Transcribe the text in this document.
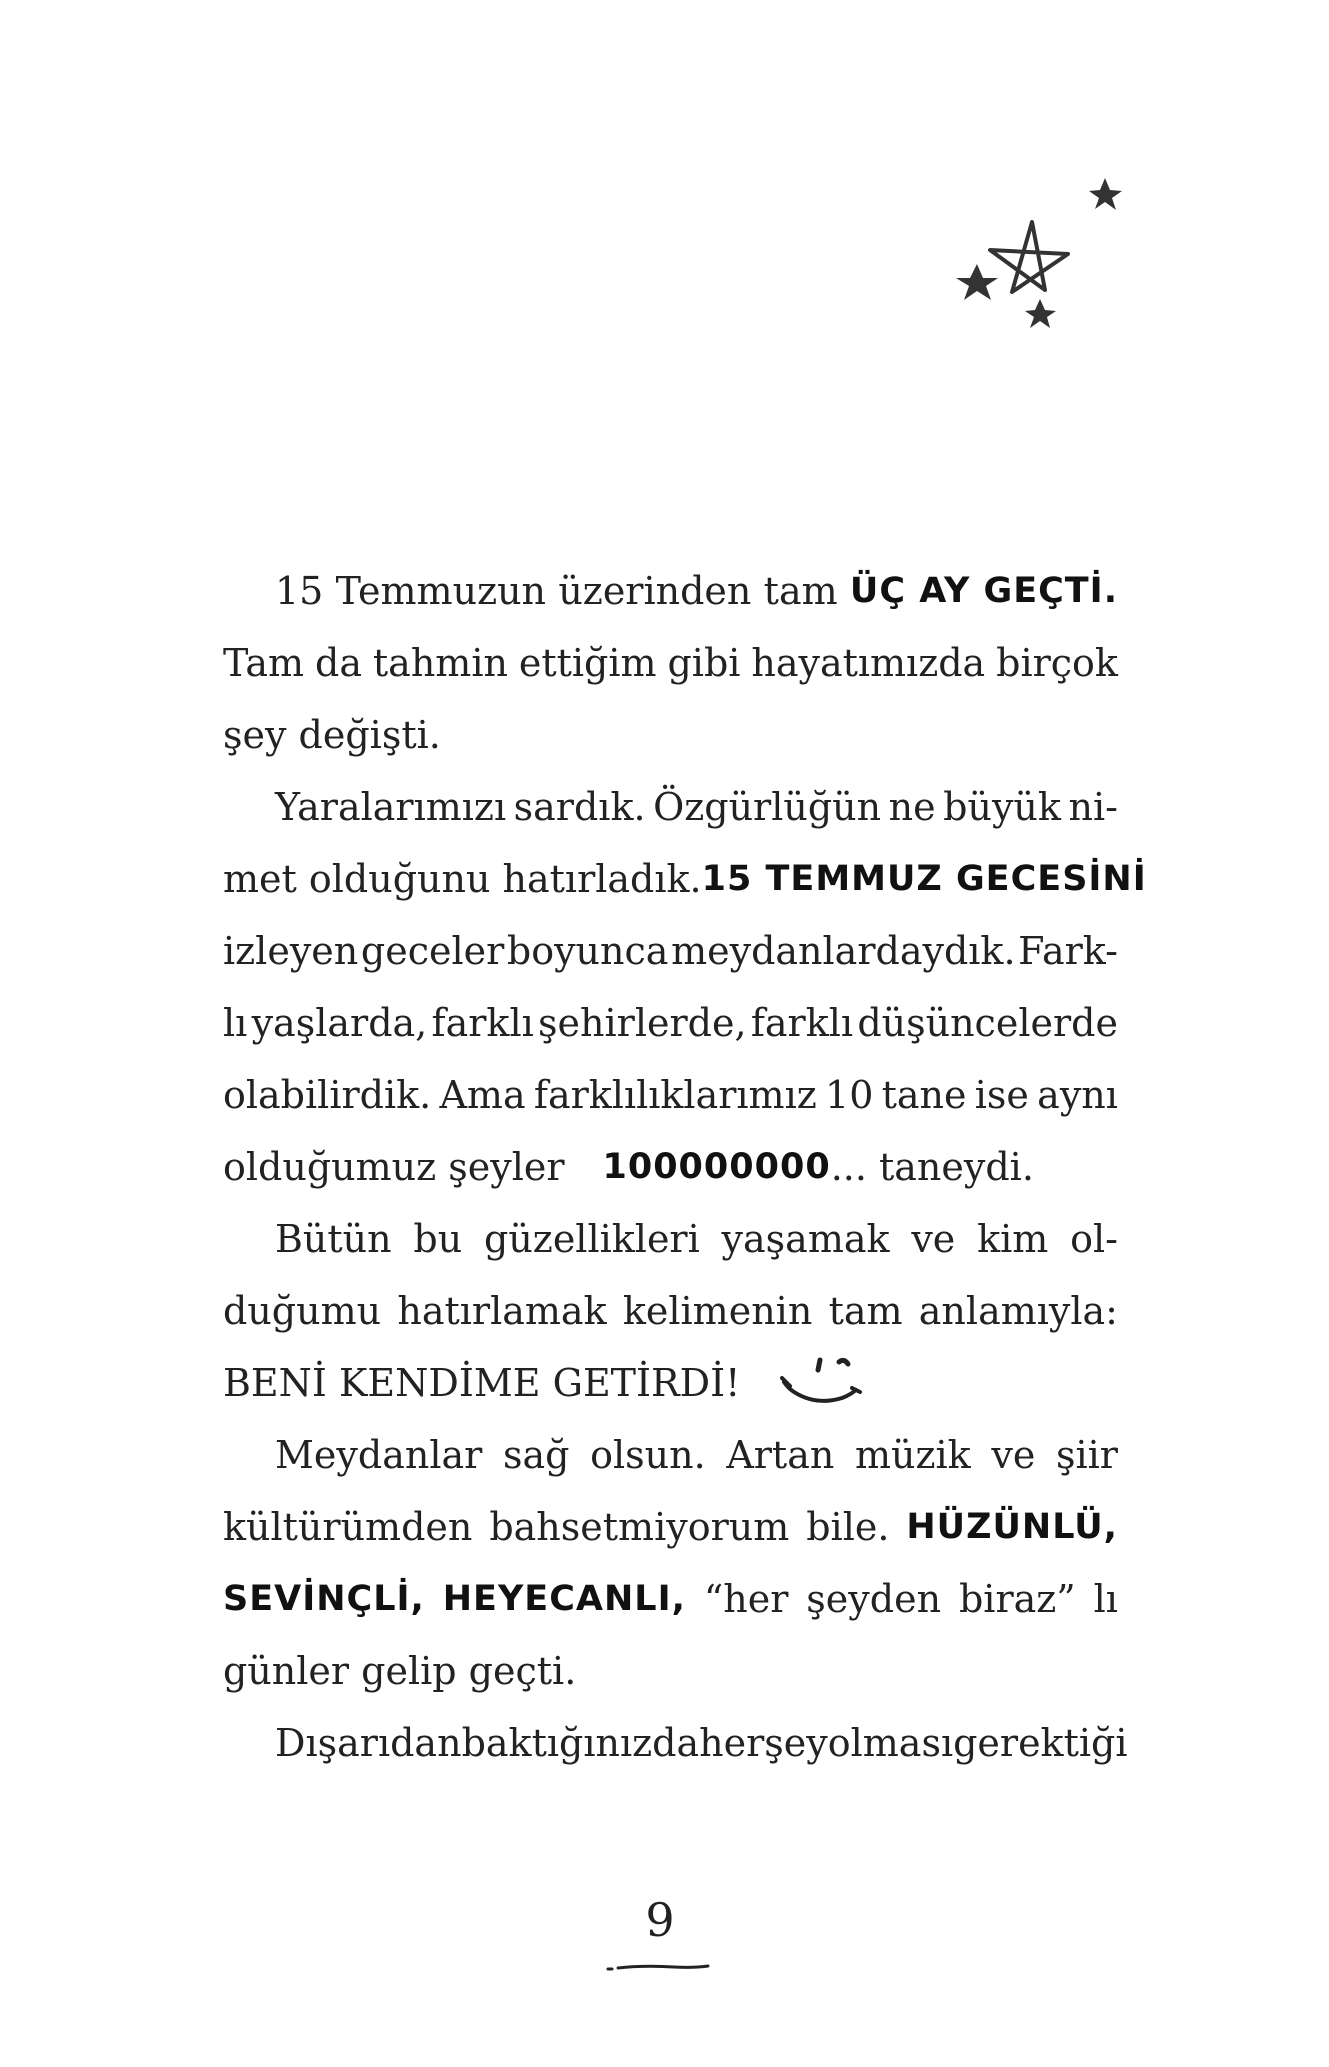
15 Temmuzun üzerinden tam ÜÇ AY GEÇTİ.
Tam da tahmin ettiğim gibi hayatımızda birçok
şey değişti.
Yaralarımızı sardık. Özgürlüğün ne büyük ni-
met olduğunu hatırladık. 15 TEMMUZ GECESİNİ
izleyen geceler boyunca meydanlardaydık. Fark-
lı yaşlarda, farklı şehirlerde, farklı düşüncelerde
olabilirdik. Ama farklılıklarımız 10 tane ise aynı
olduğumuz şeyler 100000000 ... taneydi.
Bütün bu güzellikleri yaşamak ve kim ol-
duğumu hatırlamak kelimenin tam anlamıyla:
BENİ KENDİME GETİRDİ!
Meydanlar sağ olsun. Artan müzik ve şiir
kültürümden bahsetmiyorum bile. HÜZÜNLÜ,
SEVİNÇLİ, HEYECANLI, “her şeyden biraz” lı
günler gelip geçti.
Dışarıdan baktığınızda her şey olması gerektiği
9
